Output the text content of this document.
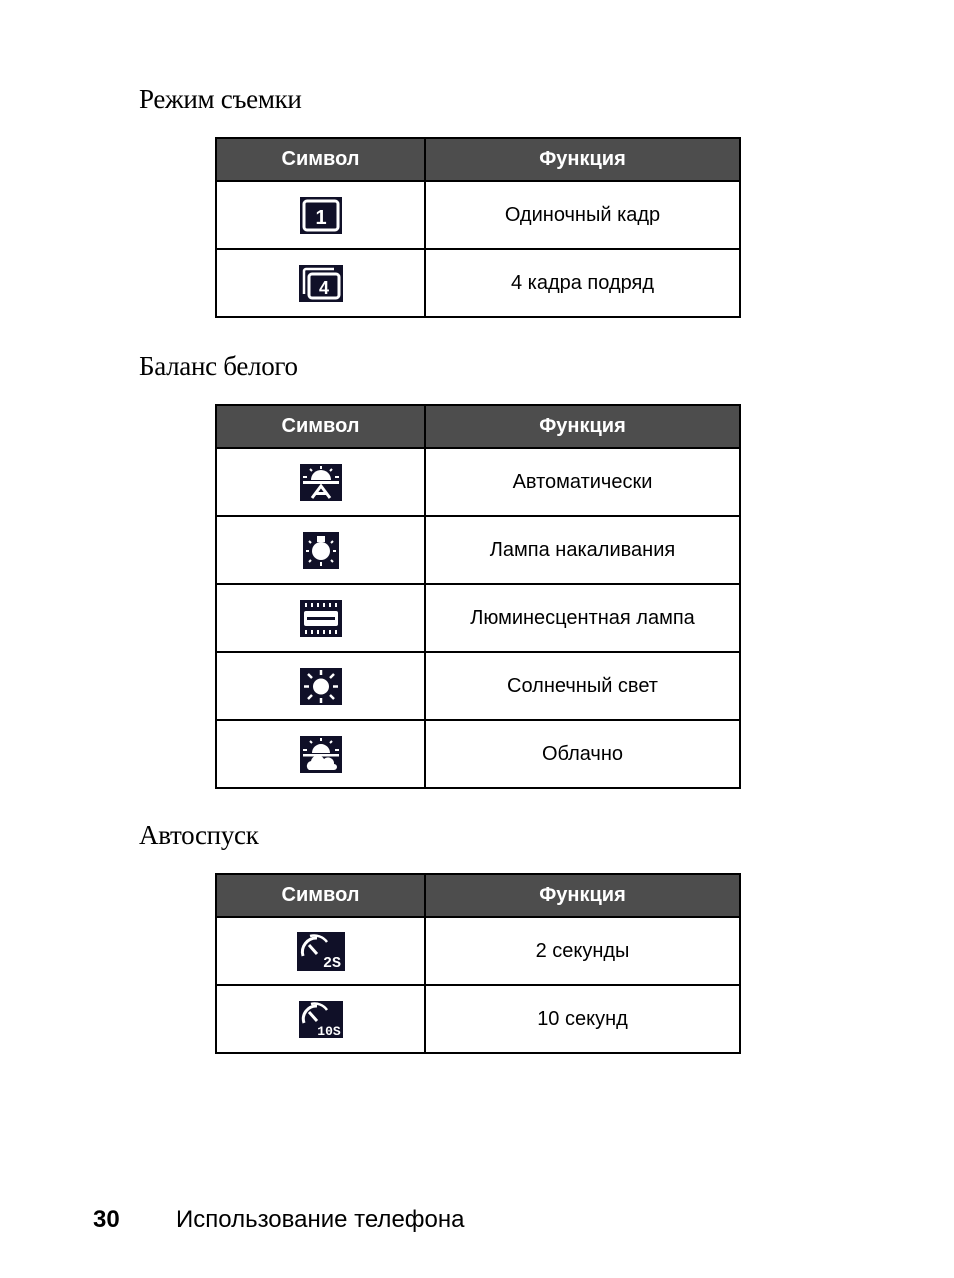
Режим съемки
Символ	Функция

1	Одиночный кадр

4	4 кадра подряд
Баланс белого
Символ	Функция

	Автоматически

	Лампа накаливания

	Люминесцентная лампа

	Солнечный свет

	Облачно
Автоспуск
Символ	Функция

2S	2 секунды

10S	10 секунд
30 Использование телефона
